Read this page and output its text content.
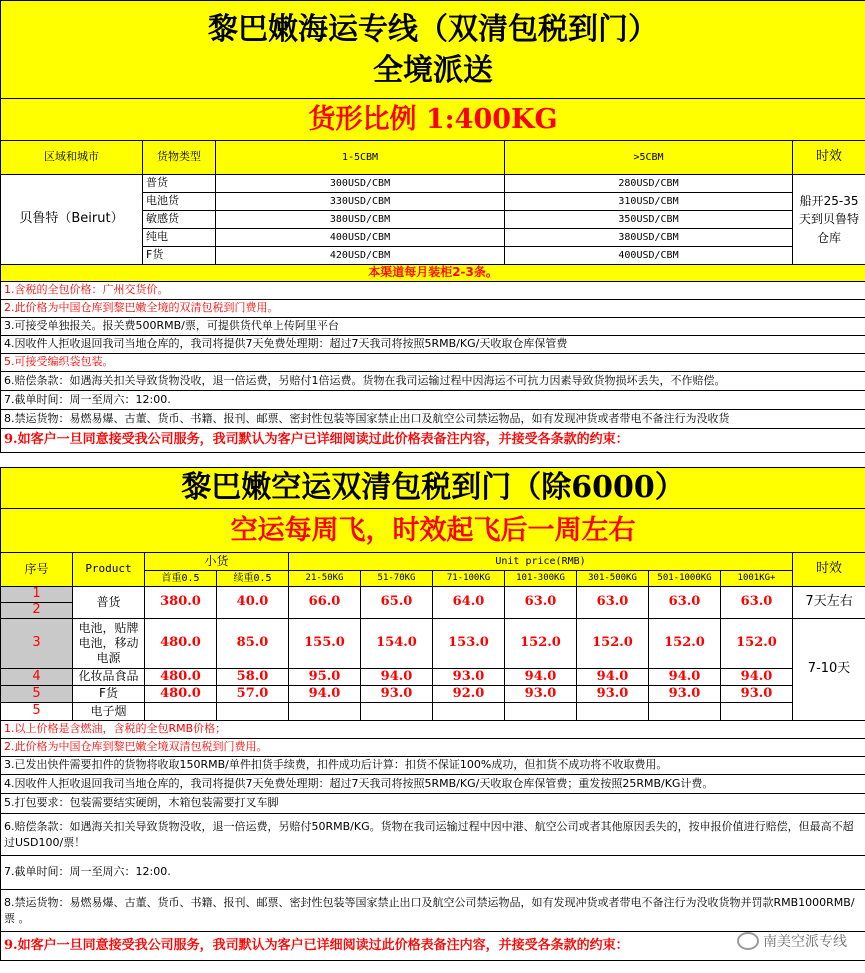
黎巴嫩海运专线（双清包税到门）
全境派送				

货形比例 1:400KG				
区域和城市	货物类型	1-5CBM	>5CBM	时效
贝鲁特（Beirut）	普货	300USD/CBM	280USD/CBM	船开25-35天到贝鲁特仓库
	电池货	330USD/CBM	310USD/CBM	
	敏感货	380USD/CBM	350USD/CBM	
	纯电	400USD/CBM	380USD/CBM	
	F货	420USD/CBM	400USD/CBM	
本渠道每月装柜2-3条。				
1.含税的全包价格：广州交货价。				
2.此价格为中国仓库到黎巴嫩全境的双清包税到门费用。				
3.可接受单独报关。报关费500RMB/票，可提供货代单上传阿里平台				
4.因收件人拒收退回我司当地仓库的，我司将提供7天免费处理期：超过7天我司将按照5RMB/KG/天收取仓库保管费				
5.可接受编织袋包装。				
6.赔偿条款：如遇海关扣关导致货物没收，退一倍运费，另赔付1倍运费。货物在我司运输过程中因海运不可抗力因素导致货物损坏丢失，不作赔偿。				
7.截单时间：周一至周六：12:00.				
8.禁运货物：易燃易爆、古董、货币、书籍、报刊、邮票、密封性包装等国家禁止出口及航空公司禁运物品，如有发现冲货或者带电不备注行为没收货				
9.如客户一旦同意接受我公司服务，我司默认为客户已详细阅读过此价格表备注内容，并接受各条款的约束：				
黎巴嫩空运双清包税到门（除6000）											
空运每周飞，时效起飞后一周左右											
序号	Product	小货		Unit price(RMB)							时效
		首重0.5	续重0.5	21-50KG	51-70KG	71-100KG	101-300KG	301-500KG	501-1000KG	1001KG+	
1	普货	380.0	40.0	66.0	65.0	64.0	63.0	63.0	63.0	63.0	7天左右
2											
3	电池，贴牌电池，移动电源	480.0	85.0	155.0	154.0	153.0	152.0	152.0	152.0	152.0	7-10天
4	化妆品食品	480.0	58.0	95.0	94.0	93.0	94.0	94.0	94.0	94.0	
5	F货	480.0	57.0	94.0	93.0	92.0	93.0	93.0	93.0	93.0	
5	电子烟										
1.以上价格是含燃油，含税的全包RMB价格；											
2.此价格为中国仓库到黎巴嫩全境双清包税到门费用。											
3.已发出快件需要扣件的货物将收取150RMB/单件扣货手续费，扣件成功后计算：扣货不保证100%成功，但扣货不成功将不收取费用。											
4.因收件人拒收退回我司当地仓库的，我司将提供7天免费处理期：超过7天我司将按照5RMB/KG/天收取仓库保管费；重发按照25RMB/KG计费。											
5.打包要求：包装需要结实硬朗，木箱包装需要打叉车脚											
6.赔偿条款：如遇海关扣关导致货物没收，退一倍运费，另赔付50RMB/KG。货物在我司运输过程中因中港、航空公司或者其他原因丢失的，按申报价值进行赔偿，但最高不超过USD100/票！											
7.截单时间：周一至周六：12:00.											
8.禁运货物：易燃易爆、古董、货币、书籍、报刊、邮票、密封性包装等国家禁止出口及航空公司禁运物品，如有发现冲货或者带电不备注行为没收货物并罚款RMB1000RMB/票 。											
9.如客户一旦同意接受我公司服务，我司默认为客户已详细阅读过此价格表备注内容，并接受各条款的约束：												南美空派专线
